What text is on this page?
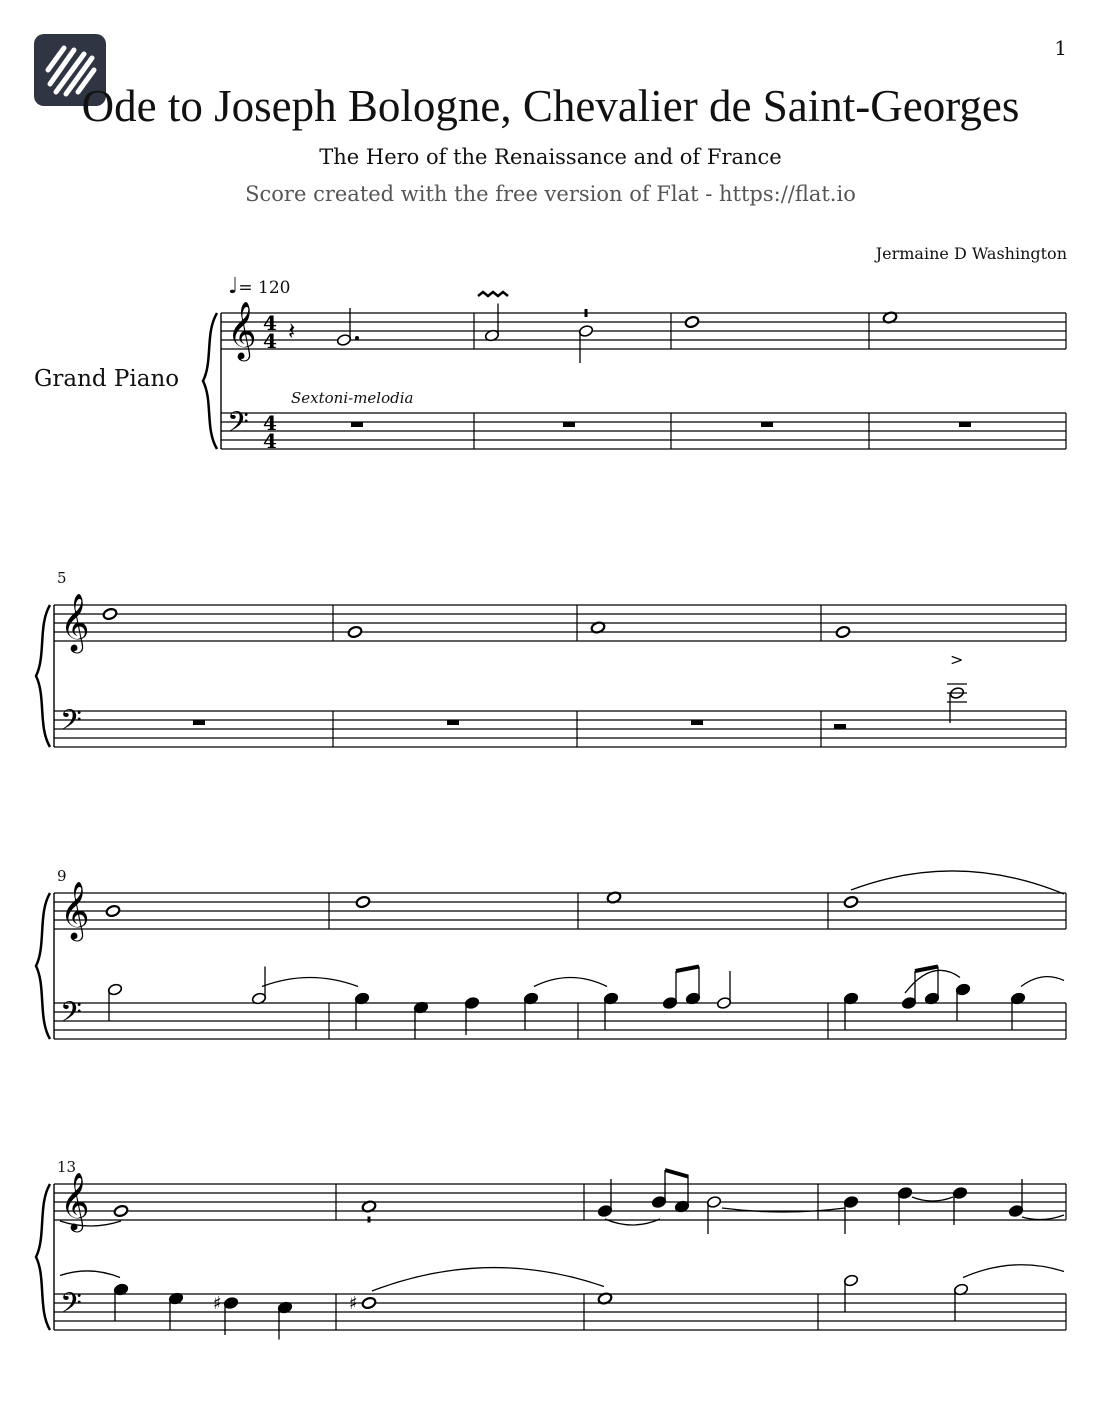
1
Ode to Joseph Bologne, Chevalier de Saint-Georges
The Hero of the Renaissance and of France
Score created with the free version of Flat - https://flat.io
Jermaine D Washington
♩= 120
Grand Piano
Sextoni-melodia
5
9
13
𝄞
𝄢
𝄞
𝄢
𝄞
𝄢
𝄞
𝄢
4
4
4
4
𝄽
>
♯	♯
